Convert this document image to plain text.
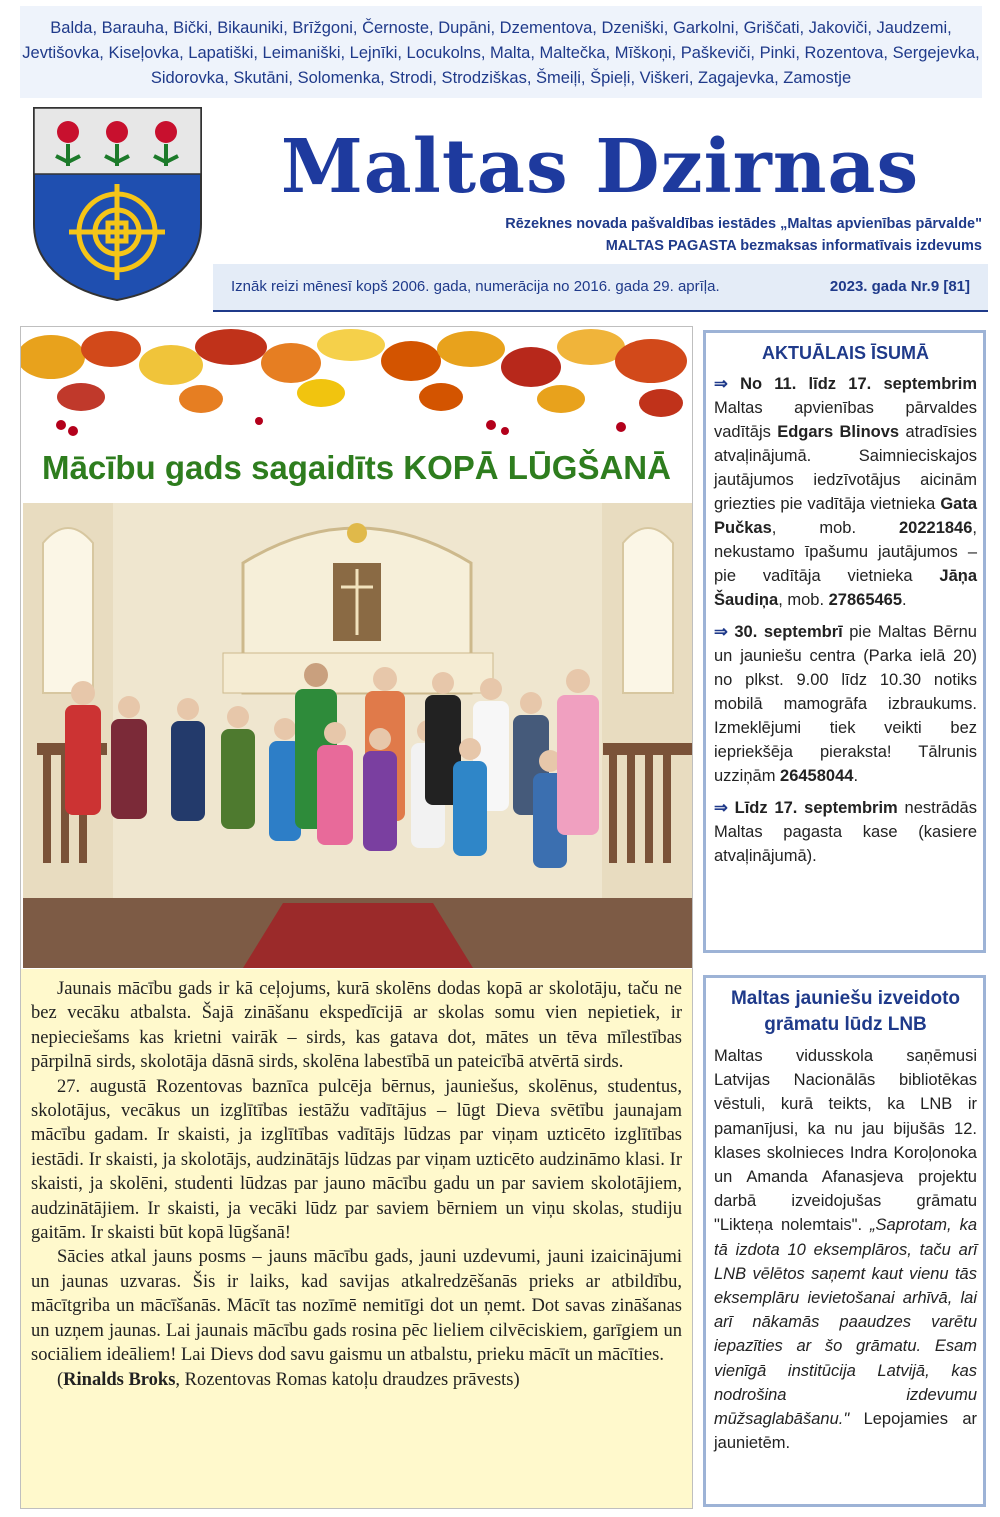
Balda, Barauha, Bički, Bikauniki, Brīžgoni, Černoste, Dupāni, Dzementova, Dzeniški, Garkolni, Griščati, Jakoviči, Jaudzemi, Jevtišovka, Kiseļovka, Lapatiški, Leimaniški, Lejnīki, Locukolns, Malta, Maltečka, Mīškoņi, Paškeviči, Pinki, Rozentova, Sergejevka, Sidorovka, Skutāni, Solomenka, Strodi, Strodziškas, Šmeiļi, Špieļi, Viškeri, Zagajevka, Zamostje
Maltas Dzirnas
Rēzeknes novada pašvaldības iestādes „Maltas apvienības pārvalde"
MALTAS PAGASTA bezmaksas informatīvais izdevums
Iznāk reizi mēnesī kopš 2006. gada, numerācija no 2016. gada 29. aprīļa.	2023. gada Nr.9 [81]
Mācību gads sagaidīts KOPĀ LŪGŠANĀ

Jaunais mācību gads ir kā ceļojums, kurā skolēns dodas kopā ar skolotāju, taču ne bez vecāku atbalsta. Šajā zināšanu ekspedīcijā ar skolas somu vien nepietiek, ir nepieciešams kas krietni vairāk – sirds, kas gatava dot, mātes un tēva mīlestības pārpilnā sirds, skolotāja dāsnā sirds, skolēna labestībā un pateicībā atvērtā sirds.

27. augustā Rozentovas baznīca pulcēja bērnus, jauniešus, skolēnus, studentus, skolotājus, vecākus un izglītības iestāžu vadītājus – lūgt Dieva svētību jaunajam mācību gadam. Ir skaisti, ja izglītības vadītājs lūdzas par viņam uzticēto izglītības iestādi. Ir skaisti, ja skolotājs, audzinātājs lūdzas par viņam uzticēto audzināmo klasi. Ir skaisti, ja skolēni, studenti lūdzas par jauno mācību gadu un par saviem skolotājiem, audzinātājiem. Ir skaisti, ja vecāki lūdz par saviem bērniem un viņu skolas, studiju gaitām. Ir skaisti būt kopā lūgšanā!

Sācies atkal jauns posms – jauns mācību gads, jauni uzdevumi, jauni izaicinājumi un jaunas uzvaras. Šis ir laiks, kad savijas atkalredzēšanās prieks ar atbildību, mācītgriba un mācīšanās. Mācīt tas nozīmē nemitīgi dot un ņemt. Dot savas zināšanas un uzņem jaunas. Lai jaunais mācību gads rosina pēc lieliem cilvēciskiem, garīgiem un sociāliem ideāliem! Lai Dievs dod savu gaismu un atbalstu, prieku mācīt un mācīties.

(Rinalds Broks, Rozentovas Romas katoļu draudzes prāvests)

AKTUĀLAIS ĪSUMĀ

⇒ No 11. līdz 17. septembrim Maltas apvienības pārvaldes vadītājs Edgars Blinovs atradīsies atvaļinājumā. Saimnieciskajos jautājumos iedzīvotājus aicinām griezties pie vadītāja vietnieka Gata Pučkas, mob. 20221846, nekustamo īpašumu jautājumos – pie vadītāja vietnieka Jāņa Šaudiņa, mob. 27865465.

⇒ 30. septembrī pie Maltas Bērnu un jauniešu centra (Parka ielā 20) no plkst. 9.00 līdz 10.30 notiks mobilā mamogrāfa izbraukums. Izmeklējumi tiek veikti bez iepriekšēja pieraksta! Tālrunis uzziņām 26458044.

⇒ Līdz 17. septembrim nestrādās Maltas pagasta kase (kasiere atvaļinājumā).

Maltas jauniešu izveidoto grāmatu lūdz LNB

Maltas vidusskola saņēmusi Latvijas Nacionālās bibliotēkas vēstuli, kurā teikts, ka LNB ir pamanījusi, ka nu jau bijušās 12. klases skolnieces Indra Koroļonoka un Amanda Afanasjeva projektu darbā izveidojušas grāmatu "Likteņa nolemtais". „Saprotam, ka tā izdota 10 eksemplāros, taču arī LNB vēlētos saņemt kaut vienu tās eksemplāru ievietošanai arhīvā, lai arī nākamās paaudzes varētu iepazīties ar šo grāmatu. Esam vienīgā institūcija Latvijā, kas nodrošina izdevumu mūžsaglabāšanu." Lepojamies ar jaunietēm.
